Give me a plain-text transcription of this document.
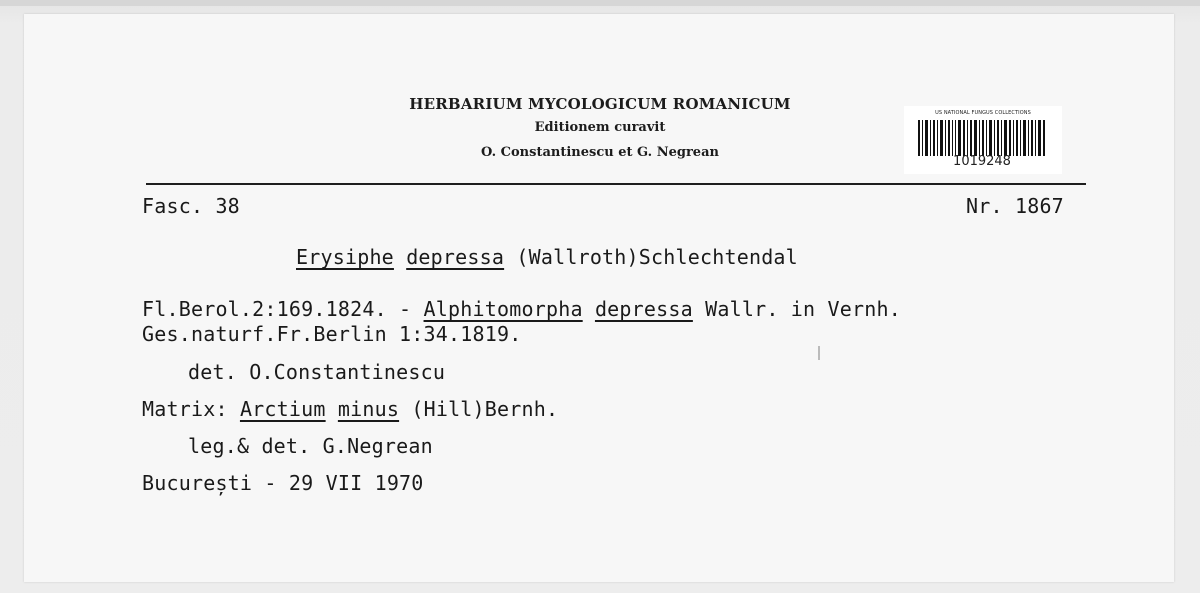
HERBARIUM MYCOLOGICUM ROMANICUM
Editionem curavit
O. Constantinescu et G. Negrean
US NATIONAL FUNGUS COLLECTIONS
1019248
Fasc. 38	Nr. 1867
Erysiphe depressa (Wallroth)Schlechtendal
Fl.Berol.2:169.1824. - Alphitomorpha depressa Wallr. in Vernh.
Ges.naturf.Fr.Berlin 1:34.1819.
det. O.Constantinescu
Matrix: Arctium minus (Hill)Bernh.
leg.& det. G.Negrean
București - 29 VII 1970
